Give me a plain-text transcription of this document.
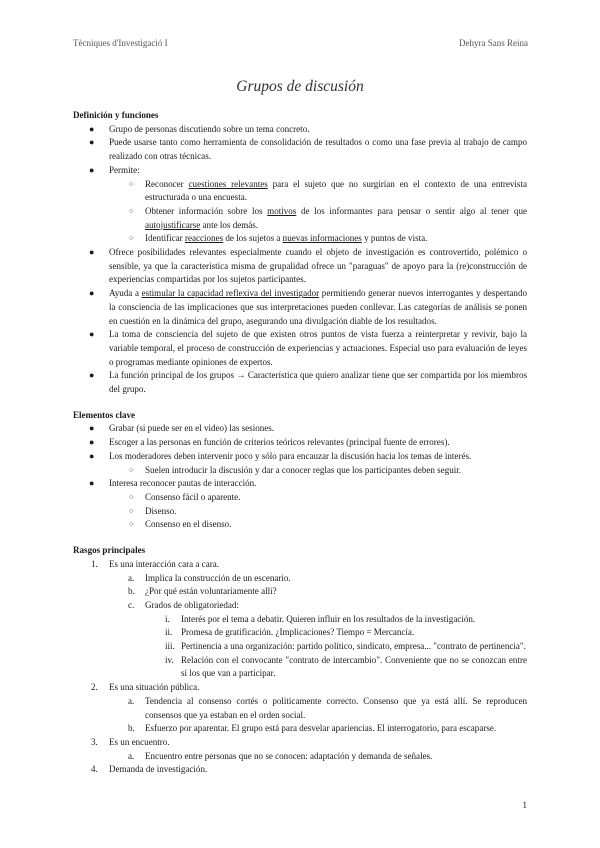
Tècniques d'Investigació I	Dehyra Sans Reina
Grupos de discusión
Definición y funciones
● Grupo de personas discutiendo sobre un tema concreto.
● Puede usarse tanto como herramienta de consolidación de resultados o como una fase previa al trabajo de campo realizado con otras técnicas.
● Permite:
○ Reconocer cuestiones relevantes para el sujeto que no surgirían en el contexto de una entrevista estructurada o una encuesta.
○ Obtener información sobre los motivos de los informantes para pensar o sentir algo al tener que autojustificarse ante los demás.
○ Identificar reacciones de los sujetos a nuevas informaciones y puntos de vista.
● Ofrece posibilidades relevantes especialmente cuando el objeto de investigación es controvertido, polémico o sensible, ya que la característica misma de grupalidad ofrece un "paraguas" de apoyo para la (re)construcción de experiencias compartidas por los sujetos participantes.
● Ayuda a estimular la capacidad reflexiva del investigador permitiendo generar nuevos interrogantes y despertando la consciencia de las implicaciones que sus interpretaciones pueden conllevar. Las categorías de análisis se ponen en cuestión en la dinámica del grupo, asegurando una divulgación diable de los resultados.
● La toma de consciencia del sujeto de que existen otros puntos de vista fuerza a reinterpretar y revivir, bajo la variable temporal, el proceso de construcción de experiencias y actuaciones. Especial uso para evaluación de leyes o programas mediante opiniones de expertos.
● La función principal de los grupos → Característica que quiero analizar tiene que ser compartida por los miembros del grupo.
Elementos clave
● Grabar (si puede ser en el video) las sesiones.
● Escoger a las personas en función de criterios teóricos relevantes (principal fuente de errores).
● Los moderadores deben intervenir poco y sólo para encauzar la discusión hacia los temas de interés.
○ Suelen introducir la discusión y dar a conocer reglas que los participantes deben seguir.
● Interesa reconocer pautas de interacción.
○ Consenso fácil o aparente.
○ Disenso.
○ Consenso en el disenso.
Rasgos principales
1. Es una interacción cara a cara.
a. Implica la construcción de un escenario.
b. ¿Por qué están voluntariamente allí?
c. Grados de obligatoriedad:
i. Interés por el tema a debatir. Quieren influir en los resultados de la investigación.
ii. Promesa de gratificación. ¿Implicaciones? Tiempo = Mercancía.
iii. Pertinencia a una organización: partido político, sindicato, empresa... "contrato de pertinencia".
iv. Relación con el convocante "contrato de intercambio". Conveniente que no se conozcan entre sí los que van a participar.
2. Es una situación pública.
a. Tendencia al consenso cortés o políticamente correcto. Consenso que ya está allí. Se reproducen consensos que ya estaban en el orden social.
b. Esfuerzo por aparentar. El grupo está para desvelar apariencias. El interrogatorio, para escaparse.
3. Es un encuentro.
a. Encuentro entre personas que no se conocen: adaptación y demanda de señales.
4. Demanda de investigación.
1
